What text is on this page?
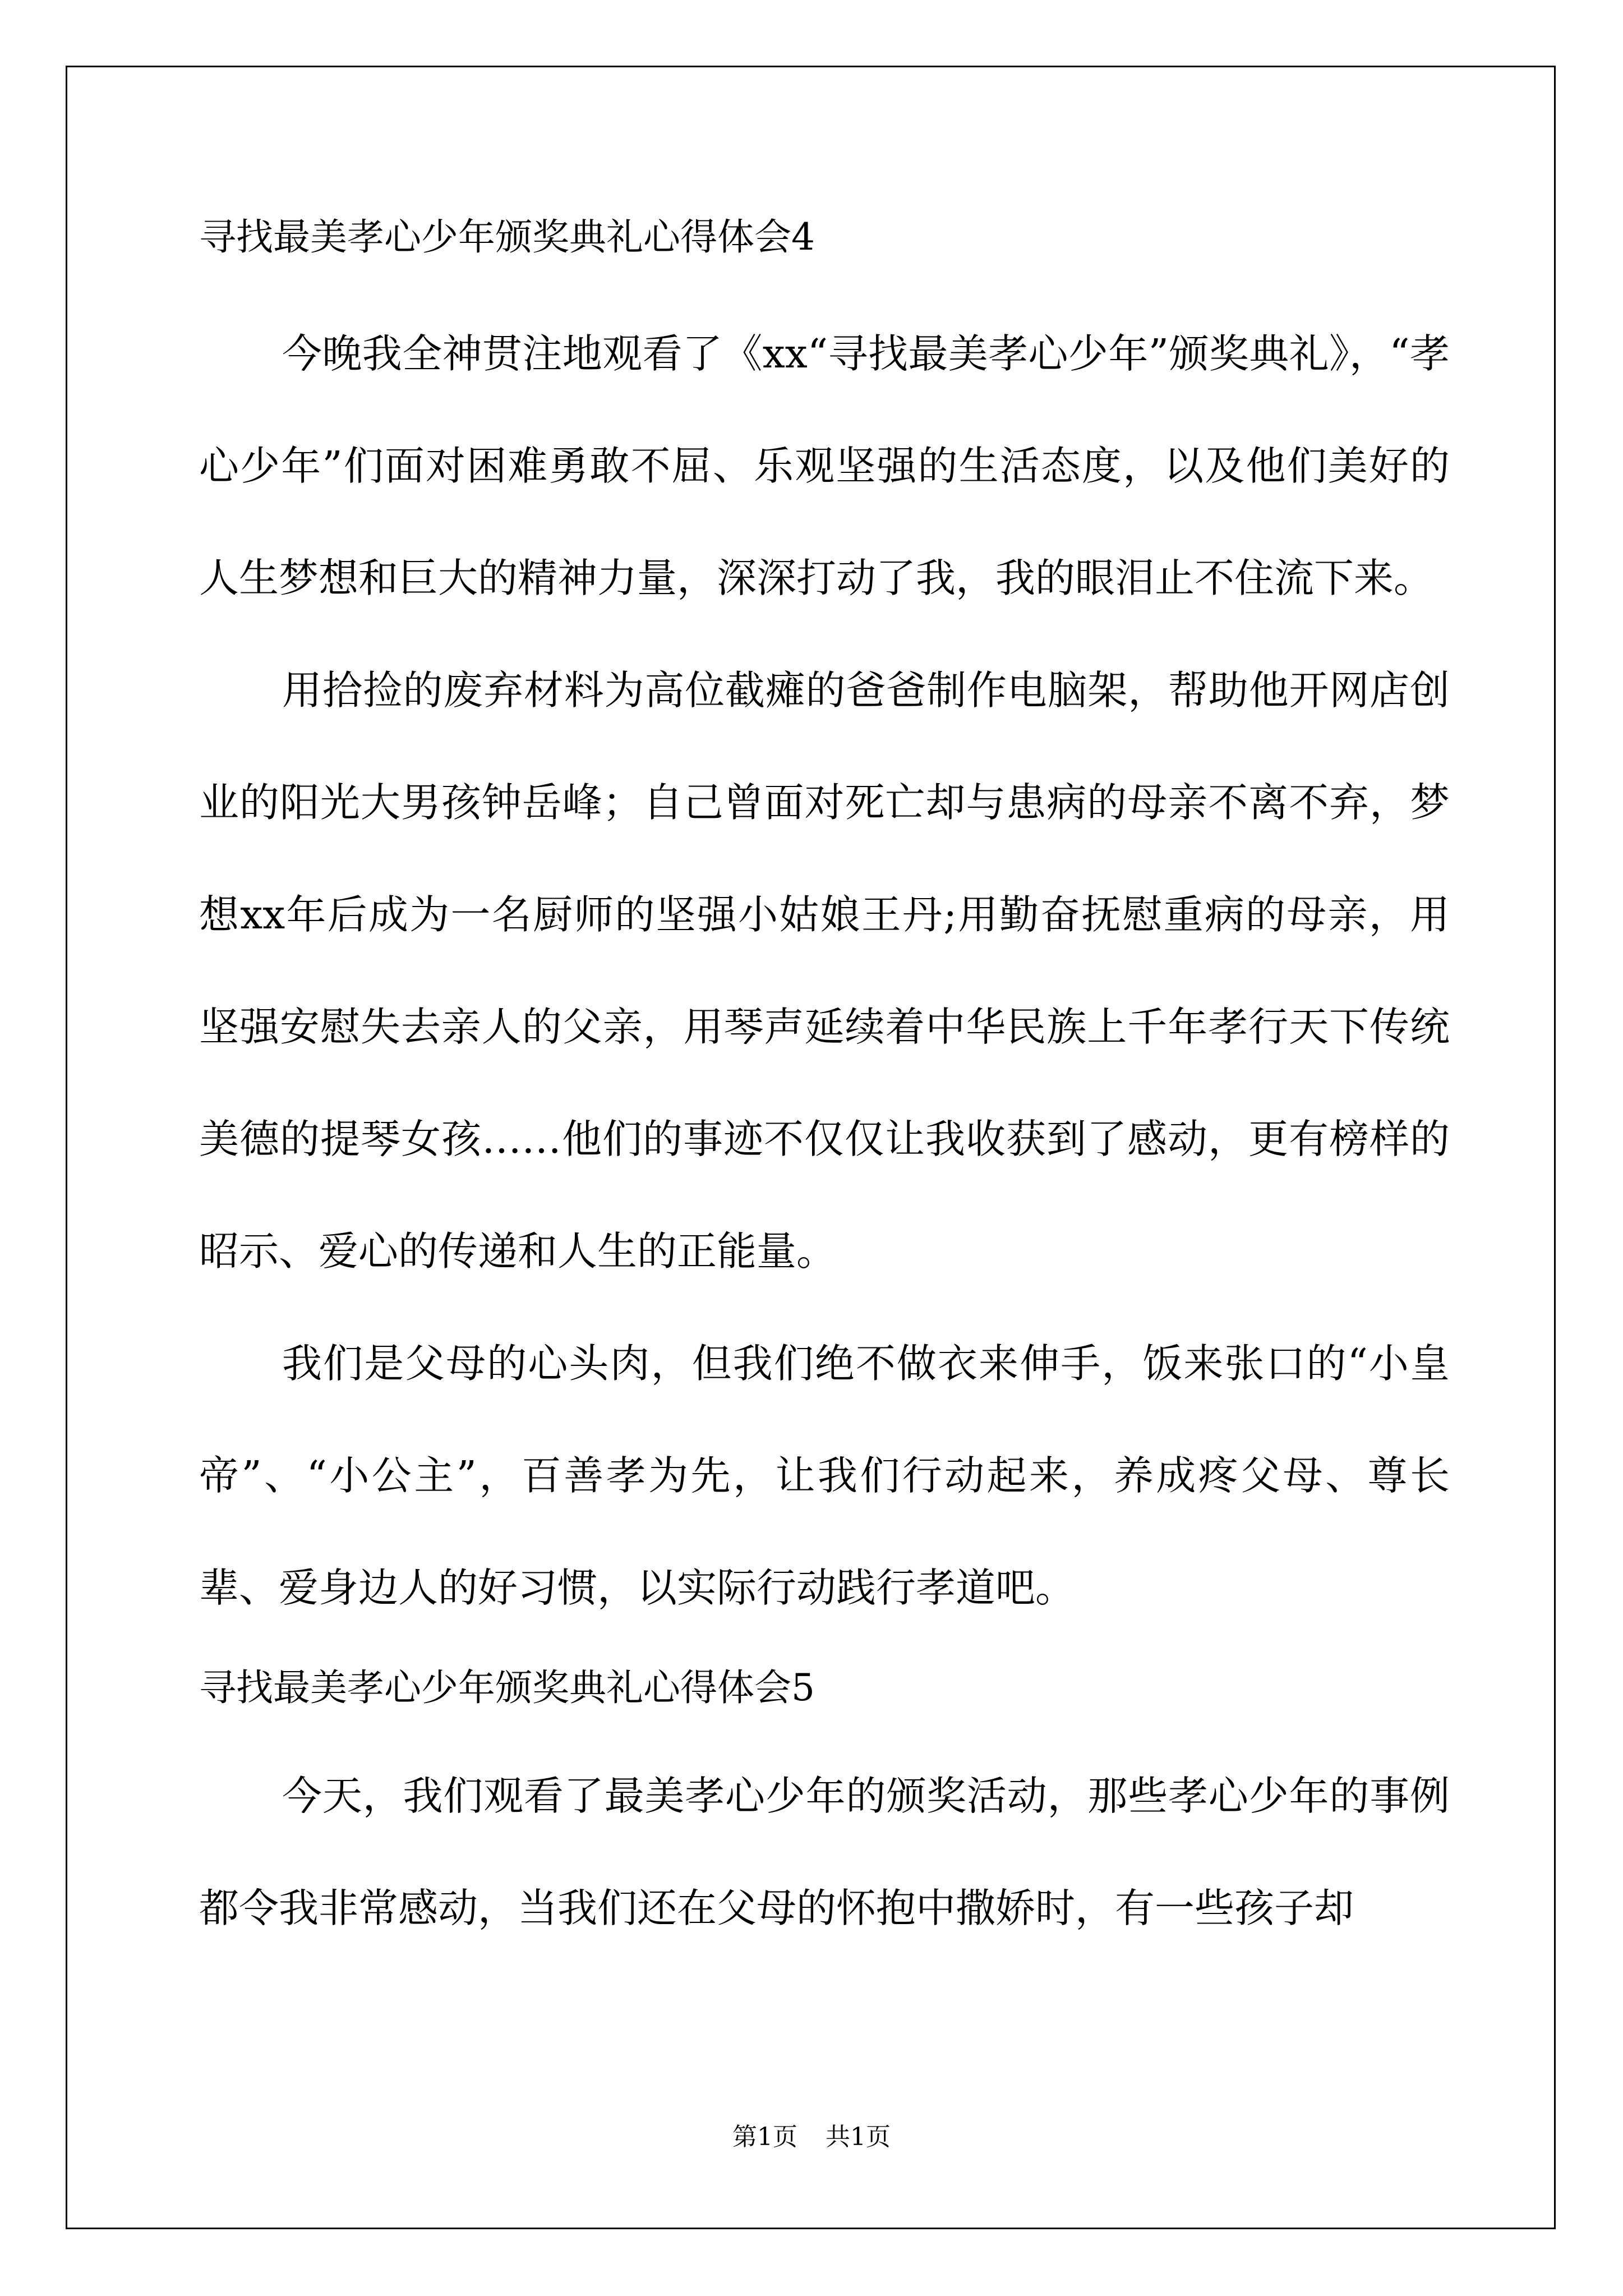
寻找最美孝心少年颁奖典礼心得体会4

今晚我全神贯注地观看了《xx“寻找最美孝心少年”颁奖典礼》，“孝心少年”们面对困难勇敢不屈、乐观坚强的生活态度，以及他们美好的人生梦想和巨大的精神力量，深深打动了我，我的眼泪止不住流下来。

用拾捡的废弃材料为高位截瘫的爸爸制作电脑架，帮助他开网店创业的阳光大男孩钟岳峰；自己曾面对死亡却与患病的母亲不离不弃，梦想xx年后成为一名厨师的坚强小姑娘王丹;用勤奋抚慰重病的母亲，用坚强安慰失去亲人的父亲，用琴声延续着中华民族上千年孝行天下传统美德的提琴女孩……他们的事迹不仅仅让我收获到了感动，更有榜样的昭示、爱心的传递和人生的正能量。

我们是父母的心头肉，但我们绝不做衣来伸手，饭来张口的“小皇帝”、“小公主”，百善孝为先，让我们行动起来，养成疼父母、尊长辈、爱身边人的好习惯，以实际行动践行孝道吧。

寻找最美孝心少年颁奖典礼心得体会5

今天，我们观看了最美孝心少年的颁奖活动，那些孝心少年的事例都令我非常感动，当我们还在父母的怀抱中撒娇时，有一些孩子却

第1页 共1页
